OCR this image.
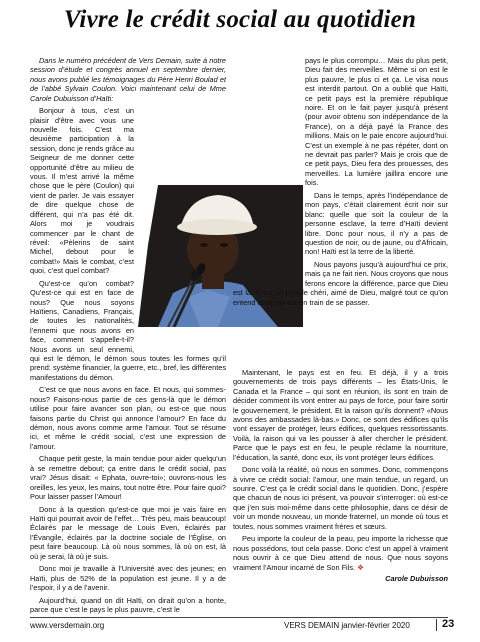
Vivre le crédit social au quotidien

Dans le numéro précédent de Vers Demain, suite à notre session d’étude et congrès annuel en septembre dernier, nous avons publié les témoignages du Père Henri Boulad et de l’abbé Sylvain Coulon. Voici maintenant celui de Mme Carole Dubuisson d’Haïti:

Bonjour à tous, c’est un plaisir d’être avec vous une nouvelle fois. C’est ma deuxième participation à la session, donc je rends grâce au Seigneur de me donner cette opportunité d’être au milieu de vous. Il m’est arrivé la même chose que le père (Coulon) qui vient de parler. Je vais essayer de dire quelque chose de différent, qui n’a pas été dit. Alors moi je voudrais commencer par le chant de réveil: «Pèlerins de saint Michel, debout pour le combat!» Mais le combat, c’est quoi, c’est quel combat?

Qu’est-ce qu’on combat? Qu’est-ce qui est en face de nous? Que nous soyons Haïtiens, Canadiens, Français, de toutes les nationalités, l’ennemi que nous avons en face, comment s’appelle-t-il? Nous avons un seul ennemi, qui est le démon, le démon sous toutes les formes qu’il prend: système financier, la guerre, etc., bref, les différentes manifestations du démon.

C’est ce que nous avons en face. Et nous, qui sommes-nous? Faisons-nous partie de ces gens-là que le démon utilise pour faire avancer son plan, ou est-ce que nous faisons partie du Christ qui annonce l’amour? En face du démon, nous avons comme arme l’amour. Tout se résume ici, et même le crédit social, c’est une expression de l’amour.

Chaque petit geste, la main tendue pour aider quelqu’un à se remettre debout; ça entre dans le crédit social, pas vrai? Jésus disait: « Ephata, ouvre-toi»; ouvrons-nous les oreilles, les yeux, les mains, tout notre être. Pour faire quoi? Pour laisser passer l’Amour!

Donc à la question qu’est-ce que moi je vais faire en Haïti qui pourrait avoir de l’effet… Très peu, mais beaucoup! Éclairés par le message de Louis Even, éclairés par l’Évangile, éclairés par la doctrine sociale de l’Église, on peut faire beaucoup. Là où nous sommes, là où on est, là où je serai, là où je suis.

Donc moi je travaille à l’Université avec des jeunes; en Haïti, plus de 52% de la population est jeune. Il y a de l’espoir, il y a de l’avenir.

Aujourd’hui, quand on dit Haïti, on dirait qu’on a honte, parce que c’est le pays le plus pauvre, c’est le

pays le plus corrompu… Mais du plus petit, Dieu fait des merveilles. Même si on est le plus pauvre, le plus ci et ça. Le visa nous est interdit partout. On a oublié que Haïti, ce petit pays est la première république noire. Et on le fait payer jusqu’à présent (pour avoir obtenu son indépendance de la France), on a déjà payé la France des millions. Mais on le paie encore aujourd’hui. C’est un exemple à ne pas répéter, dont on ne devrait pas parler? Mais je crois que de ce petit pays, Dieu fera des prouesses, des merveilles. La lumière jaillira encore une fois.

Dans le temps, après l’indépendance de mon pays, c’était clairement écrit noir sur blanc: quelle que soit la couleur de la personne esclave, la terre d’Haïti devient libre. Donc pour nous, il n’y a pas de question de noir, ou de jaune, ou d’Africain, non! Haïti est la terre de la liberté.

Nous payons jusqu’à aujourd’hui ce prix, mais ça ne fait rien. Nous croyons que nous ferons encore la différence, parce que Dieu est là. C’est un peuple chéri, aimé de Dieu, malgré tout ce qu’on entend et ce qui est en train de se passer.

Maintenant, le pays est en feu. Et déjà, il y a trois gouvernements de trois pays différents – les États-Unis, le Canada et la France – qui sont en réunion, ils sont en train de décider comment ils vont entrer au pays de force, pour faire sortir le gouvernement, le président. Et la raison qu’ils donnent? «Nous avons des ambassades là-bas.» Donc, ce sont des édifices qu’ils vont essayer de protéger, leurs édifices, quelques ressortissants. Voilà, la raison qui va les pousser à aller chercher le président. Parce que le pays est en feu, le peuple réclame la nourriture, l’éducation, la santé, donc eux, ils vont protéger leurs édifices.

Donc voilà la réalité, où nous en sommes. Donc, commençons à vivre ce crédit social: l’amour, une main tendue, un regard, un sourire. C’est ça le crédit social dans le quotidien. Donc, j’espère que chacun de nous ici présent, va pouvoir s’interroger: où est-ce que j’en suis moi-même dans cette philosophie, dans ce désir de voir un monde nouveau, un monde fraternel, un monde où tous et toutes, nous sommes vraiment frères et sœurs.

Peu importe la couleur de la peau, peu importe la richesse que nous possédons, tout cela passe. Donc c’est un appel à vraiment nous ouvrir à ce que Dieu attend de nous. Que nous soyons vraiment l’Amour incarné de Son Fils. ❖

Carole Dubuisson
www.versdemain.org	VERS DEMAIN janvier-février 2020	23
